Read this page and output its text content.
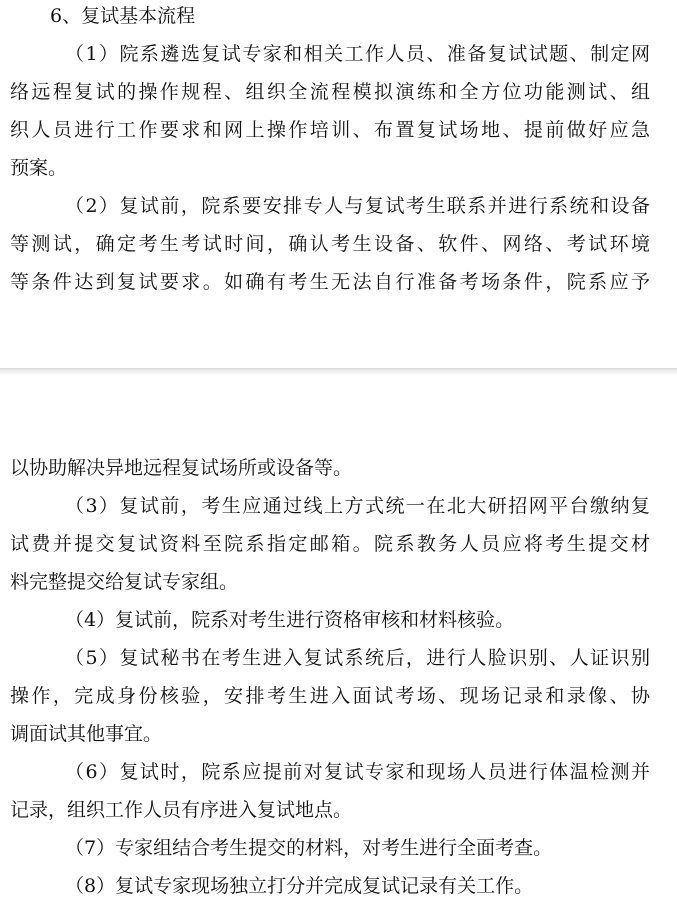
6、复试基本流程
（1）院系遴选复试专家和相关工作人员、准备复试试题、制定网
络远程复试的操作规程、组织全流程模拟演练和全方位功能测试、组
织人员进行工作要求和网上操作培训、布置复试场地、提前做好应急
预案。
（2）复试前，院系要安排专人与复试考生联系并进行系统和设备
等测试，确定考生考试时间，确认考生设备、软件、网络、考试环境
等条件达到复试要求。如确有考生无法自行准备考场条件，院系应予
以协助解决异地远程复试场所或设备等。
（3）复试前，考生应通过线上方式统一在北大研招网平台缴纳复
试费并提交复试资料至院系指定邮箱。院系教务人员应将考生提交材
料完整提交给复试专家组。
（4）复试前，院系对考生进行资格审核和材料核验。
（5）复试秘书在考生进入复试系统后，进行人脸识别、人证识别
操作，完成身份核验，安排考生进入面试考场、现场记录和录像、协
调面试其他事宜。
（6）复试时，院系应提前对复试专家和现场人员进行体温检测并
记录，组织工作人员有序进入复试地点。
（7）专家组结合考生提交的材料，对考生进行全面考查。
（8）复试专家现场独立打分并完成复试记录有关工作。
